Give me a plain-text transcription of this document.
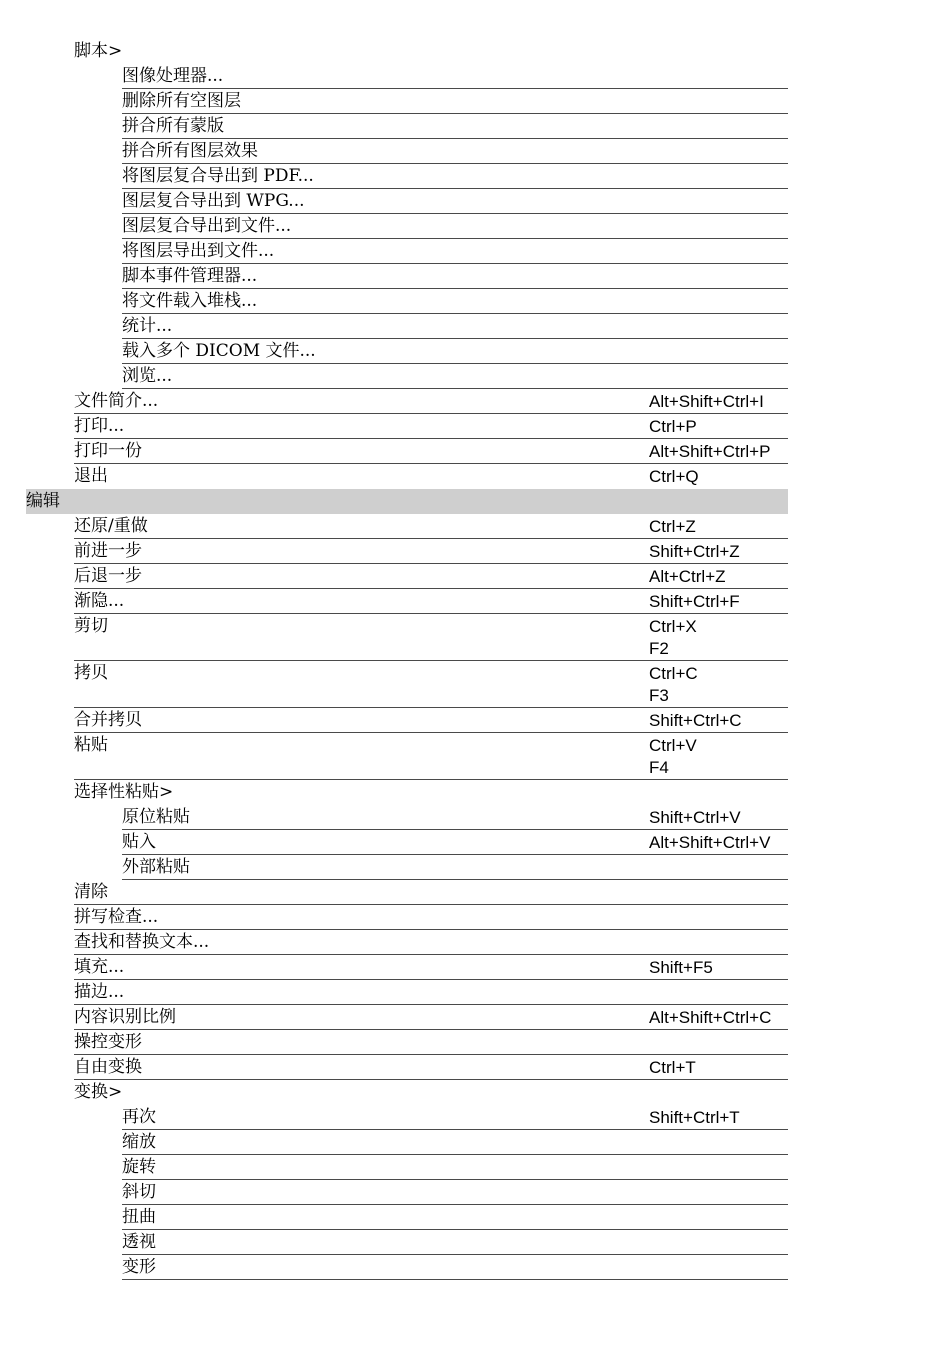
脚本>
图像处理器...
删除所有空图层
拼合所有蒙版
拼合所有图层效果
将图层复合导出到 PDF...
图层复合导出到 WPG...
图层复合导出到文件...
将图层导出到文件...
脚本事件管理器...
将文件载入堆栈...
统计...
载入多个 DICOM 文件...
浏览...
文件简介...	Alt+Shift+Ctrl+I
打印...	Ctrl+P
打印一份	Alt+Shift+Ctrl+P
退出	Ctrl+Q
编辑
还原/重做	Ctrl+Z
前进一步	Shift+Ctrl+Z
后退一步	Alt+Ctrl+Z
渐隐...	Shift+Ctrl+F
剪切	Ctrl+X
F2
拷贝	Ctrl+C
F3
合并拷贝	Shift+Ctrl+C
粘贴	Ctrl+V
F4
选择性粘贴>
原位粘贴	Shift+Ctrl+V
贴入	Alt+Shift+Ctrl+V
外部粘贴
清除
拼写检查...
查找和替换文本...
填充...	Shift+F5
描边...
内容识别比例	Alt+Shift+Ctrl+C
操控变形
自由变换	Ctrl+T
变换>
再次	Shift+Ctrl+T
缩放
旋转
斜切
扭曲
透视
变形
